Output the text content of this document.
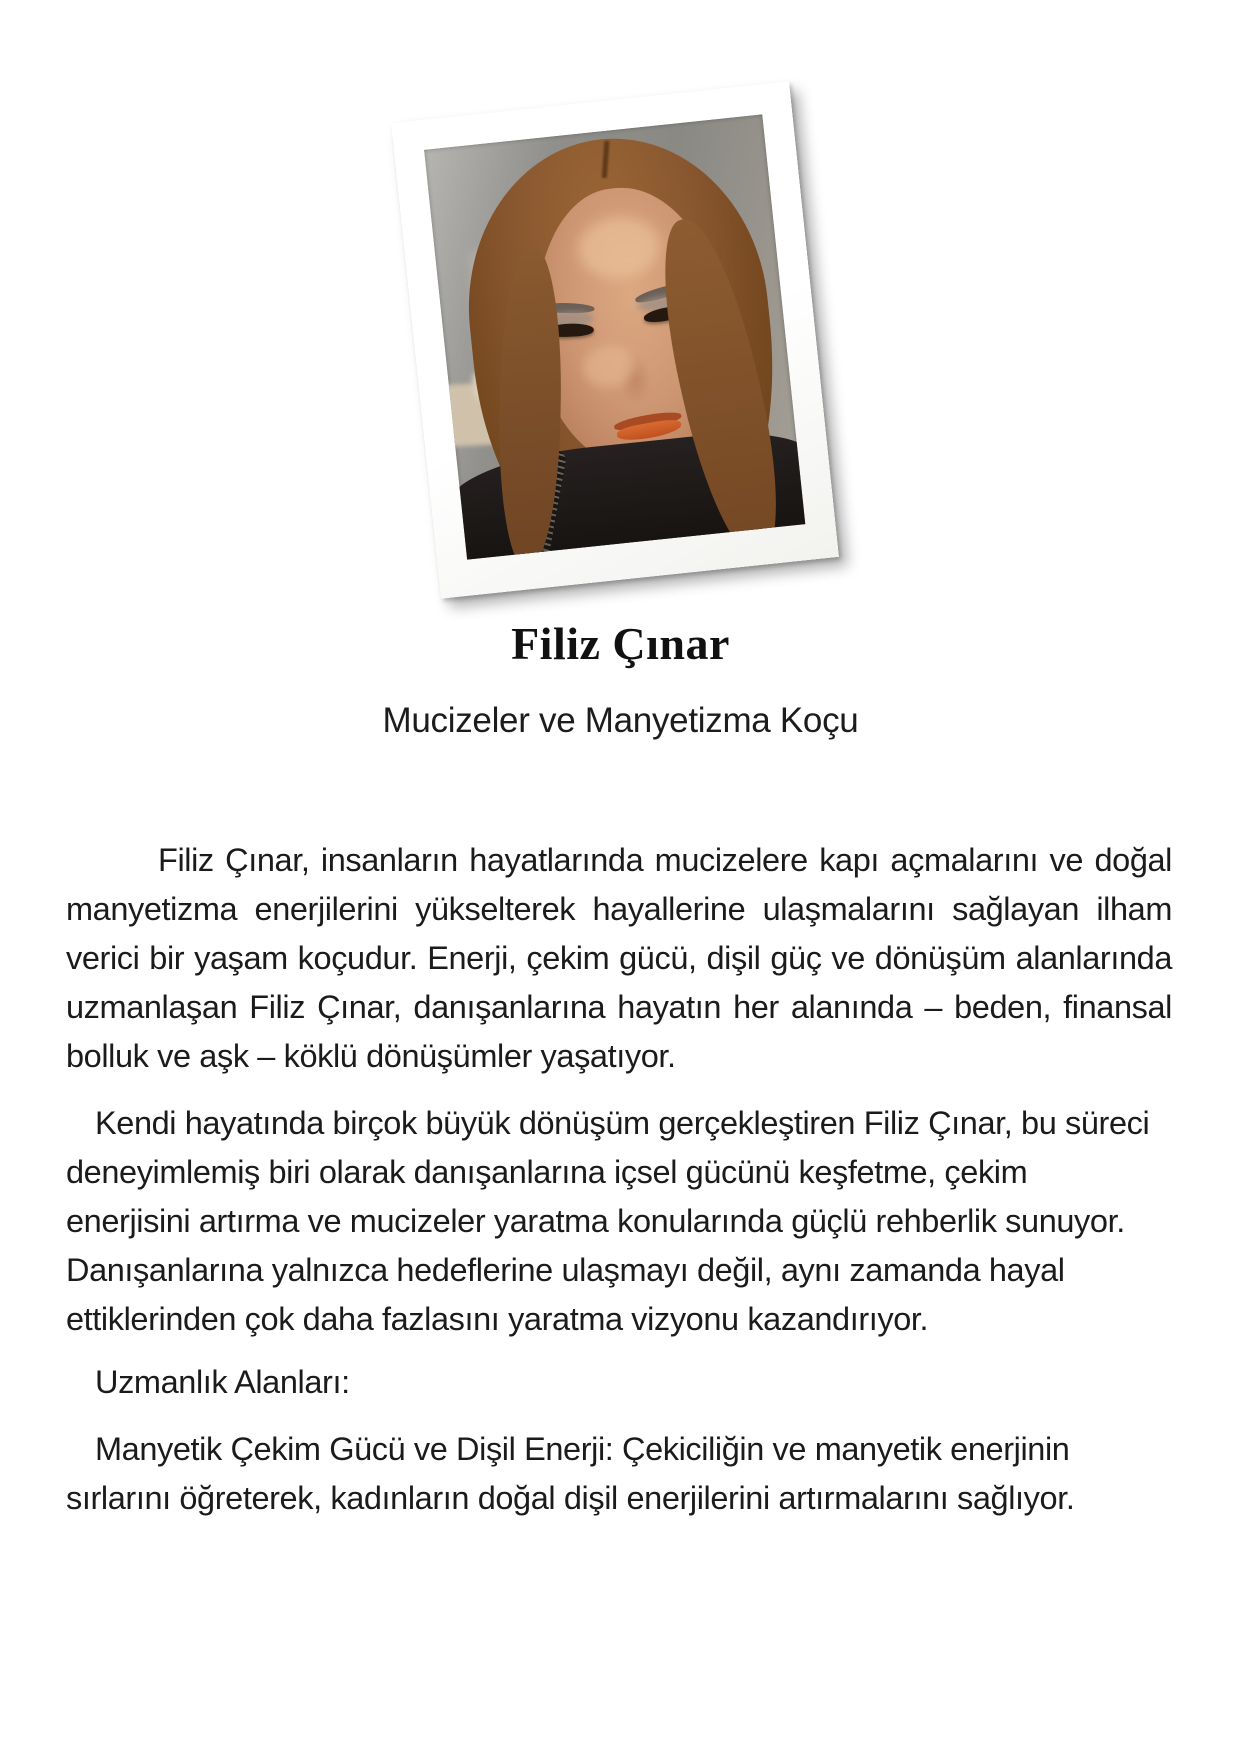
Filiz Çınar
Mucizeler ve Manyetizma Koçu

Filiz Çınar, insanların hayatlarında mucizelere kapı açmalarını ve doğal manyetizma enerjilerini yükselterek hayallerine ulaşmalarını sağlayan ilham verici bir yaşam koçudur. Enerji, çekim gücü, dişil güç ve dönüşüm alanlarında uzmanlaşan Filiz Çınar, danışanlarına hayatın her alanında – beden, finansal bolluk ve aşk – köklü dönüşümler yaşatıyor.

Kendi hayatında birçok büyük dönüşüm gerçekleştiren Filiz Çınar, bu süreci deneyimlemiş biri olarak danışanlarına içsel gücünü keşfetme, çekim enerjisini artırma ve mucizeler yaratma konularında güçlü rehberlik sunuyor. Danışanlarına yalnızca hedeflerine ulaşmayı değil, aynı zamanda hayal ettiklerinden çok daha fazlasını yaratma vizyonu kazandırıyor.

Uzmanlık Alanları:

Manyetik Çekim Gücü ve Dişil Enerji: Çekiciliğin ve manyetik enerjinin sırlarını öğreterek, kadınların doğal dişil enerjilerini artırmalarını sağlıyor.
